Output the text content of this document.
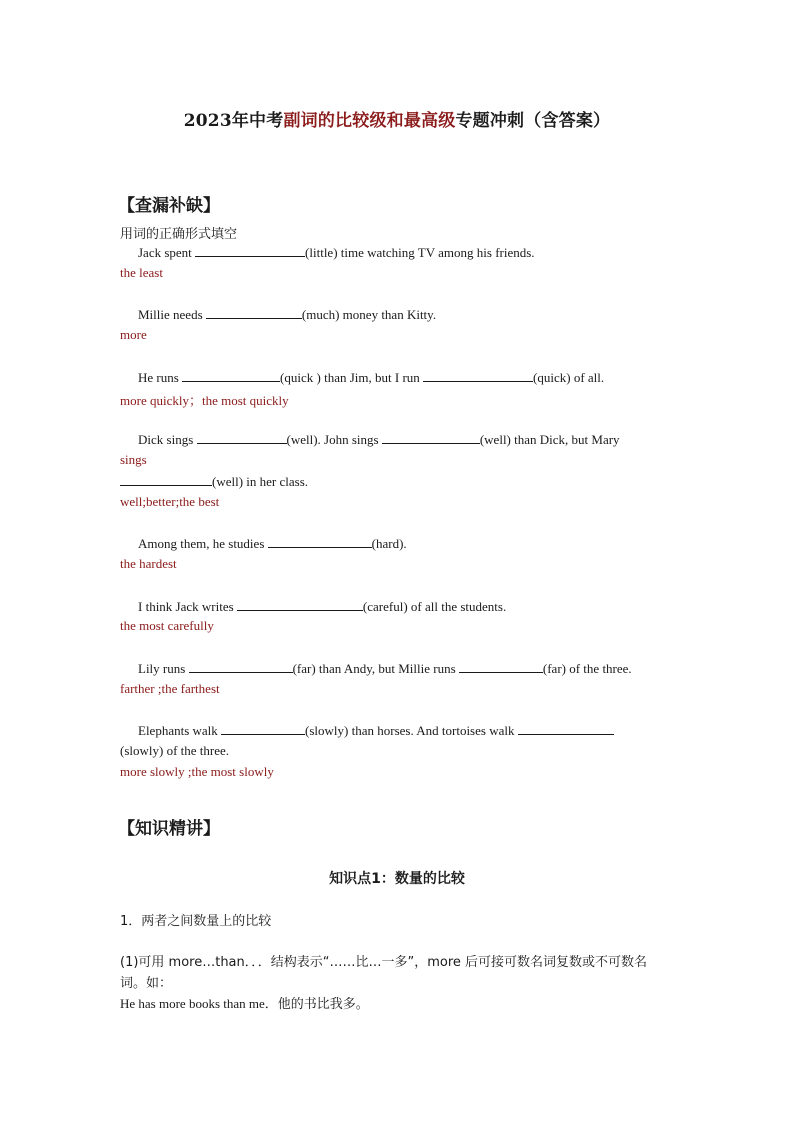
2023年中考副词的比较级和最高级专题冲刺（含答案）
【查漏补缺】
用词的正确形式填空
Jack spent	(little) time watching TV among his friends.
the least
Millie needs	(much) money than Kitty.
more
He runs	(quick ) than Jim, but I run	(quick) of all.
more quickly；the most quickly
Dick sings	(well). John sings	(well) than Dick, but Mary
sings
(well) in her class.
well;better;the best
Among them, he studies	(hard).
the hardest
I think Jack writes	(careful) of all the students.
the most carefully
Lily runs	(far) than Andy, but Millie runs	(far) of the three.
farther ;the farthest
Elephants walk	(slowly) than horses. And tortoises walk
(slowly) of the three.
more slowly ;the most slowly
【知识精讲】
知识点1：数量的比较
1．两者之间数量上的比较
(1)可用 more…than．．．结构表示“……比…一多”，more 后可接可数名词复数或不可数名
词。如：
He has more books than me．他的书比我多。
